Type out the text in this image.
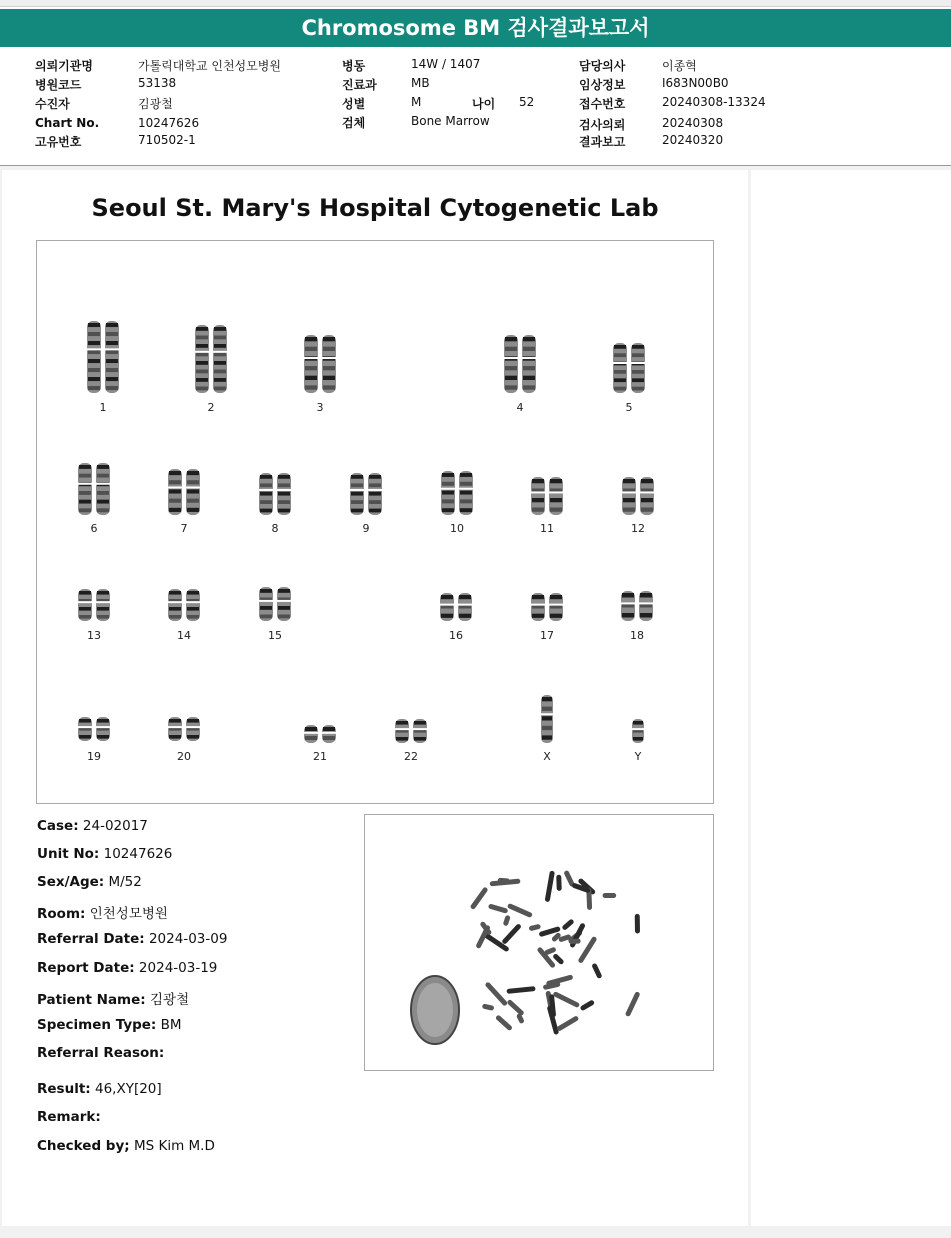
Chromosome BM 검사결과보고서
의뢰기관명	가톨릭대학교 인천성모병원
병원코드	53138
수진자	김광철
Chart No.	10247626
고유번호	710502-1
병동	14W / 1407
진료과	MB
성별	M	나이 52
검체	Bone Marrow
담당의사	이종혁
임상정보	I683N00B0
접수번호	20240308-13324
검사의뢰	20240308
결과보고	20240320
Seoul St. Mary's Hospital Cytogenetic Lab
1	2	3	4	5
6	7	8	9	10	11	12
13	14	15	16	17	18
19	20	21	22	X	Y
Case: 24-02017
Unit No: 10247626
Sex/Age: M/52
Room: 인천성모병원
Referral Date: 2024-03-09
Report Date: 2024-03-19
Patient Name: 김광철
Specimen Type: BM
Referral Reason:
Result: 46,XY[20]
Remark:
Checked by; MS Kim M.D
